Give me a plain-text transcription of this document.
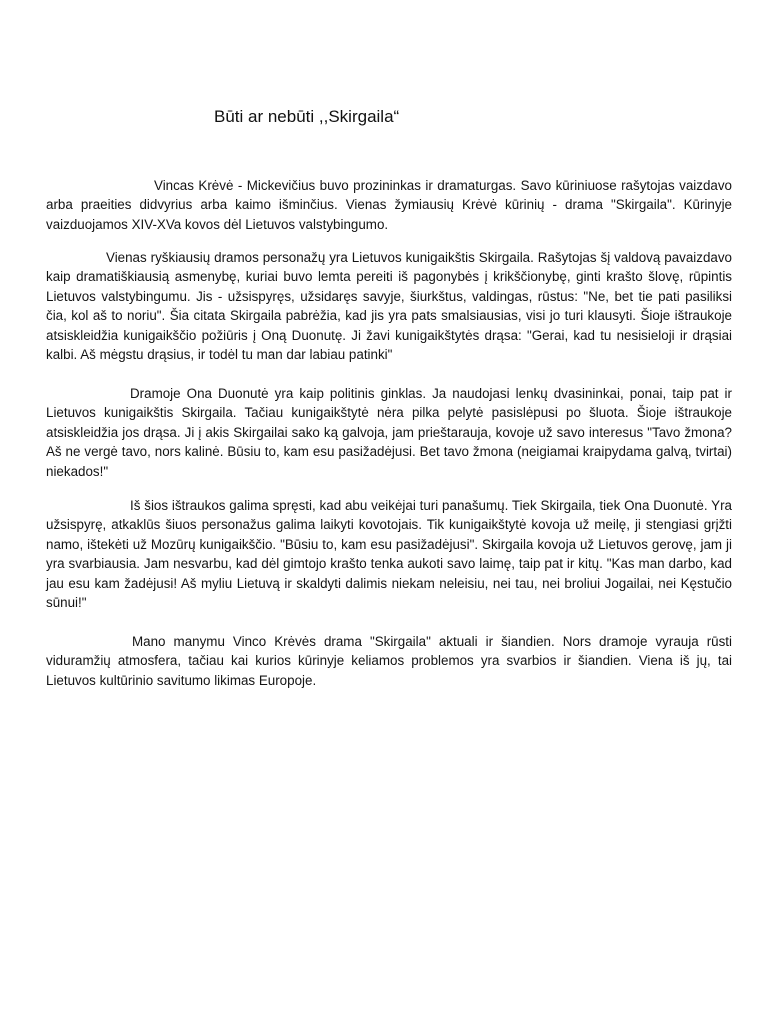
Būti ar nebūti ,,Skirgaila“

Vincas Krėvė - Mickevičius buvo prozininkas ir dramaturgas. Savo kūriniuose rašytojas vaizdavo arba praeities didvyrius arba kaimo išminčius. Vienas žymiausių Krėvė kūrinių - drama "Skirgaila". Kūrinyje vaizduojamos XIV-XVa kovos dėl Lietuvos valstybingumo.

Vienas ryškiausių dramos personažų yra Lietuvos kunigaikštis Skirgaila. Rašytojas šį valdovą pavaizdavo kaip dramatiškiausią asmenybę, kuriai buvo lemta pereiti iš pagonybės į krikščionybę, ginti krašto šlovę, rūpintis Lietuvos valstybingumu. Jis - užsispyręs, užsidaręs savyje, šiurkštus, valdingas, rūstus: "Ne, bet tie pati pasiliksi čia, kol aš to noriu". Šia citata Skirgaila pabrėžia, kad jis yra pats smalsiausias, visi jo turi klausyti. Šioje ištraukoje atsiskleidžia kunigaikščio požiūris į Oną Duonutę. Ji žavi kunigaikštytės drąsa: "Gerai, kad tu nesisieloji ir drąsiai kalbi. Aš mėgstu drąsius, ir todėl tu man dar labiau patinki"

Dramoje Ona Duonutė yra kaip politinis ginklas. Ja naudojasi lenkų dvasininkai, ponai, taip pat ir Lietuvos kunigaikštis Skirgaila. Tačiau kunigaikštytė nėra pilka pelytė pasislėpusi po šluota. Šioje ištraukoje atsiskleidžia jos drąsa. Ji į akis Skirgailai sako ką galvoja, jam prieštarauja, kovoje už savo interesus "Tavo žmona? Aš ne vergė tavo, nors kalinė. Būsiu to, kam esu pasižadėjusi. Bet tavo žmona (neigiamai kraipydama galvą, tvirtai) niekados!"

Iš šios ištraukos galima spręsti, kad abu veikėjai turi panašumų. Tiek Skirgaila, tiek Ona Duonutė. Yra užsispyrę, atkaklūs šiuos personažus galima laikyti kovotojais. Tik kunigaikštytė kovoja už meilę, ji stengiasi grįžti namo, ištekėti už Mozūrų kunigaikščio. "Būsiu to, kam esu pasižadėjusi". Skirgaila kovoja už Lietuvos gerovę, jam ji yra svarbiausia. Jam nesvarbu, kad dėl gimtojo krašto tenka aukoti savo laimę, taip pat ir kitų. "Kas man darbo, kad jau esu kam žadėjusi! Aš myliu Lietuvą ir skaldyti dalimis niekam neleisiu, nei tau, nei broliui Jogailai, nei Kęstučio sūnui!"

Mano manymu Vinco Krėvės drama "Skirgaila" aktuali ir šiandien. Nors dramoje vyrauja rūsti viduramžių atmosfera, tačiau kai kurios kūrinyje keliamos problemos yra svarbios ir šiandien. Viena iš jų, tai Lietuvos kultūrinio savitumo likimas Europoje.
